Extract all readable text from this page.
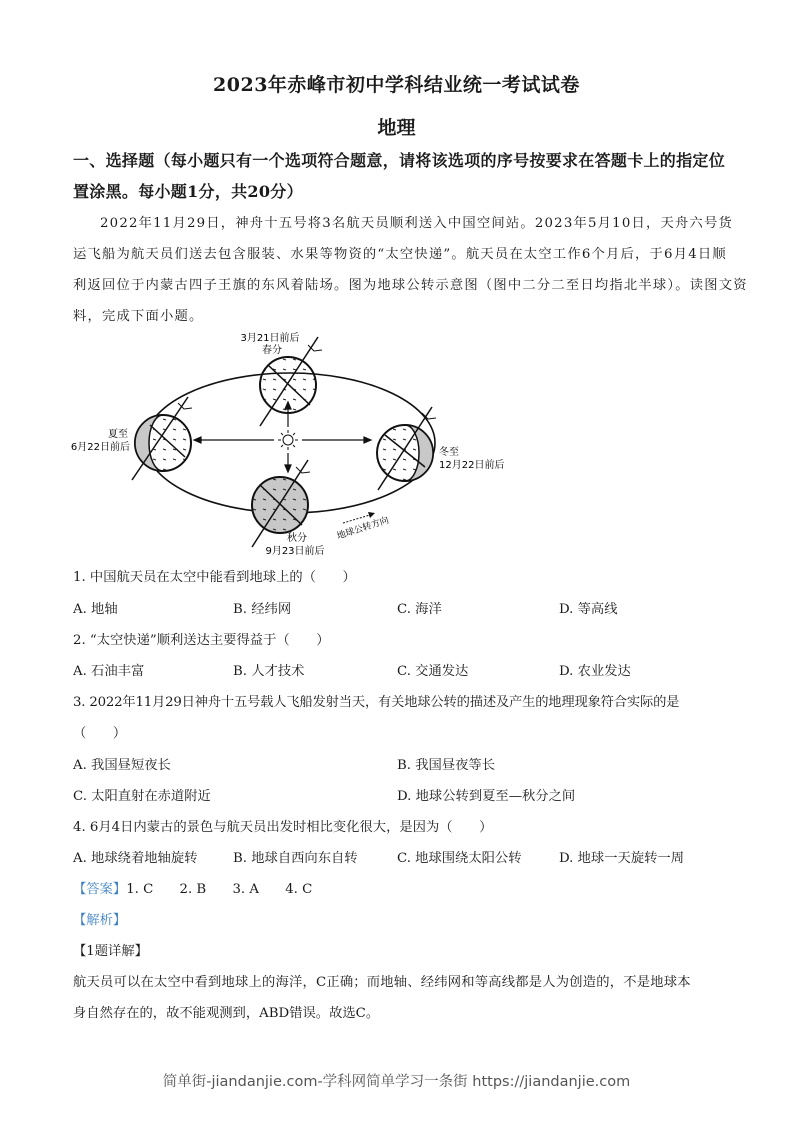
2023年赤峰市初中学科结业统一考试试卷
地理
一、选择题（每小题只有一个选项符合题意，请将该选项的序号按要求在答题卡上的指定位
置涂黑。每小题1分，共20分）
2022年11月29日，神舟十五号将3名航天员顺利送入中国空间站。2023年5月10日，天舟六号货
运飞船为航天员们送去包含服装、水果等物资的“太空快递”。航天员在太空工作6个月后，于6月4日顺
利返回位于内蒙古四子王旗的东风着陆场。图为地球公转示意图（图中二分二至日均指北半球）。读图文资
料，完成下面小题。
3月21日前后
春分
夏至
6月22日前后	冬至
12月22日前后
秋分
9月23日前后
地球公转方向
1. 中国航天员在太空中能看到地球上的（　　）
A. 地轴	B. 经纬网	C. 海洋	D. 等高线
2. “太空快递”顺利送达主要得益于（　　）
A. 石油丰富	B. 人才技术	C. 交通发达	D. 农业发达
3. 2022年11月29日神舟十五号载人飞船发射当天，有关地球公转的描述及产生的地理现象符合实际的是
（　　）
A. 我国昼短夜长	B. 我国昼夜等长
C. 太阳直射在赤道附近	D. 地球公转到夏至—秋分之间
4. 6月4日内蒙古的景色与航天员出发时相比变化很大，是因为（　　）
A. 地球绕着地轴旋转	B. 地球自西向东自转	C. 地球围绕太阳公转	D. 地球一天旋转一周
【答案】1. C 2. B 3. A 4. C
【解析】
【1题详解】
航天员可以在太空中看到地球上的海洋，C正确；而地轴、经纬网和等高线都是人为创造的，不是地球本
身自然存在的，故不能观测到，ABD错误。故选C。
简单街-jiandanjie.com-学科网简单学习一条街 https://jiandanjie.com
